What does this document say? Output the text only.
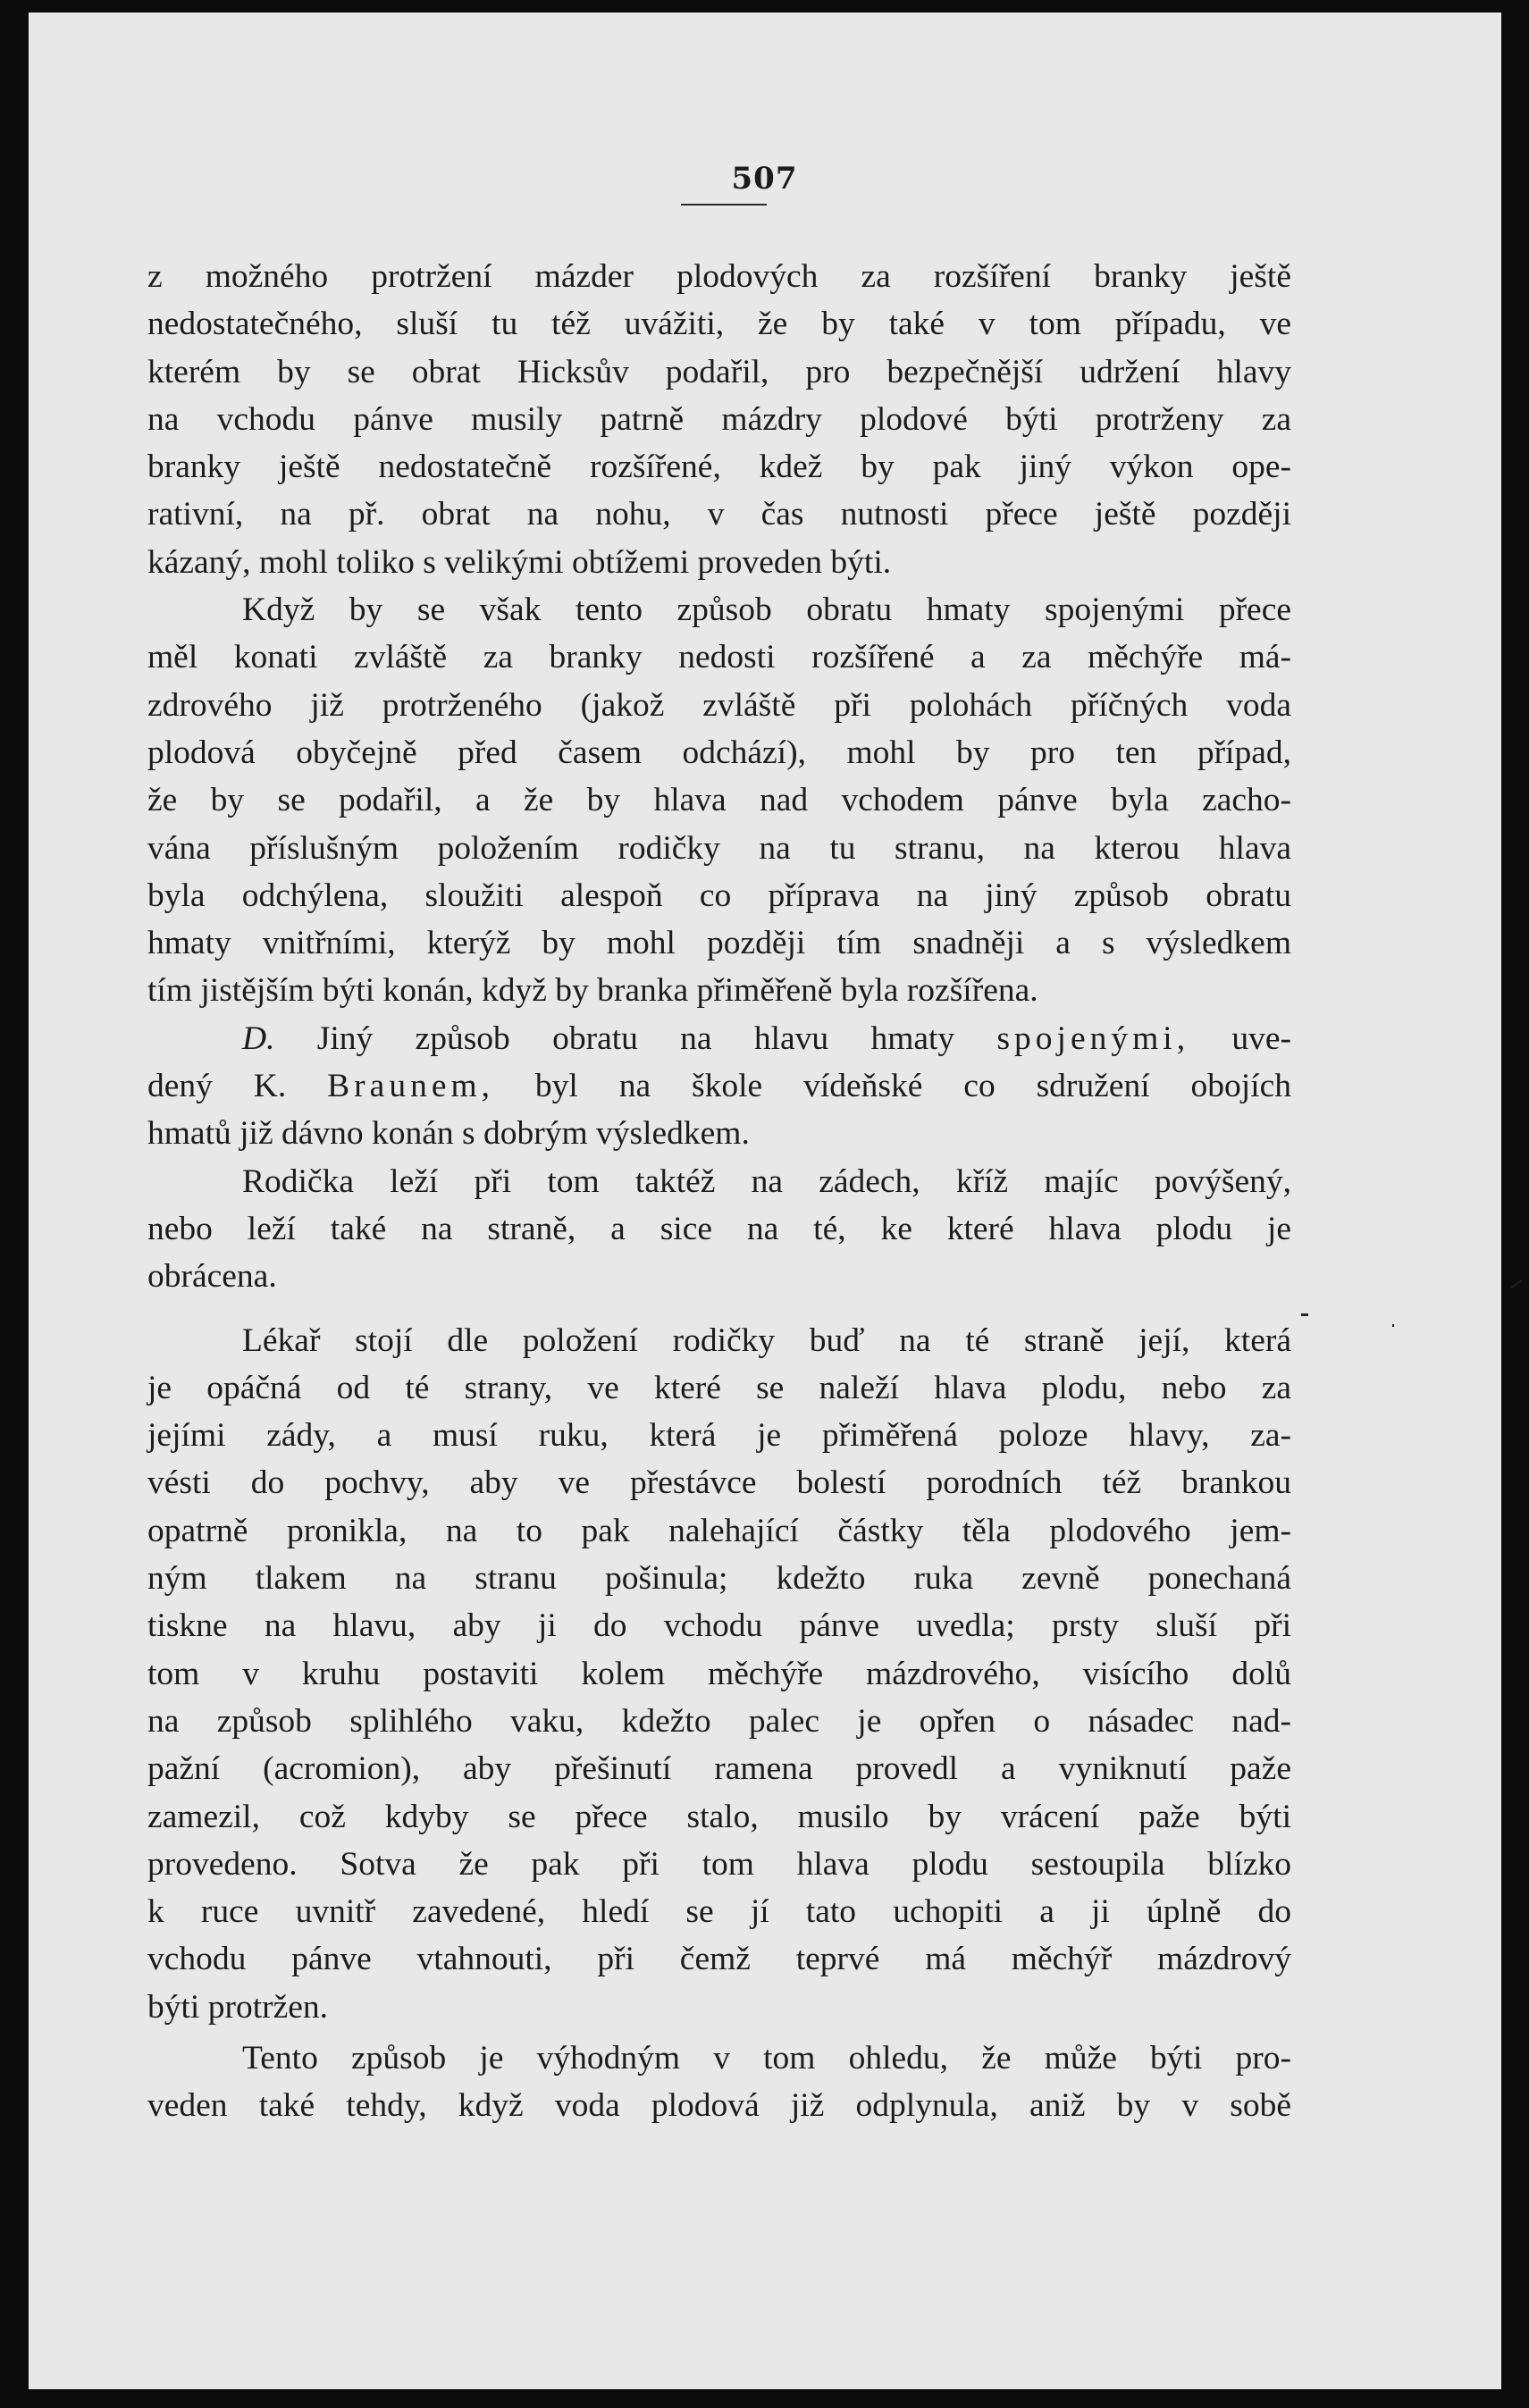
507
z možného protržení mázder plodových za rozšíření branky ještě
nedostatečného, sluší tu též uvážiti, že by také v tom případu, ve
kterém by se obrat Hicksův podařil, pro bezpečnější udržení hlavy
na vchodu pánve musily patrně mázdry plodové býti protrženy za
branky ještě nedostatečně rozšířené, kdež by pak jiný výkon ope-
rativní, na př. obrat na nohu, v čas nutnosti přece ještě později
kázaný, mohl toliko s velikými obtížemi proveden býti.
Když by se však tento způsob obratu hmaty spojenými přece
měl konati zvláště za branky nedosti rozšířené a za měchýře má-
zdrového již protrženého (jakož zvláště při polohách příčných voda
plodová obyčejně před časem odchází), mohl by pro ten případ,
že by se podařil, a že by hlava nad vchodem pánve byla zacho-
vána příslušným položením rodičky na tu stranu, na kterou hlava
byla odchýlena, sloužiti alespoň co příprava na jiný způsob obratu
hmaty vnitřními, kterýž by mohl později tím snadněji a s výsledkem
tím jistějším býti konán, když by branka přiměřeně byla rozšířena.
D. Jiný způsob obratu na hlavu hmaty spojenými, uve-
dený K. Braunem, byl na škole vídeňské co sdružení obojích
hmatů již dávno konán s dobrým výsledkem.
Rodička leží při tom taktéž na zádech, kříž majíc povýšený,
nebo leží také na straně, a sice na té, ke které hlava plodu je
obrácena.
Lékař stojí dle položení rodičky buď na té straně její, která
je opáčná od té strany, ve které se naleží hlava plodu, nebo za
jejími zády, a musí ruku, která je přiměřená poloze hlavy, za-
vésti do pochvy, aby ve přestávce bolestí porodních též brankou
opatrně pronikla, na to pak nalehající částky těla plodového jem-
ným tlakem na stranu pošinula; kdežto ruka zevně ponechaná
tiskne na hlavu, aby ji do vchodu pánve uvedla; prsty sluší při
tom v kruhu postaviti kolem měchýře mázdrového, visícího dolů
na způsob splihlého vaku, kdežto palec je opřen o násadec nad-
pažní (acromion), aby přešinutí ramena provedl a vyniknutí paže
zamezil, což kdyby se přece stalo, musilo by vrácení paže býti
provedeno. Sotva že pak při tom hlava plodu sestoupila blízko
k ruce uvnitř zavedené, hledí se jí tato uchopiti a ji úplně do
vchodu pánve vtahnouti, při čemž teprvé má měchýř mázdrový
býti protržen.
Tento způsob je výhodným v tom ohledu, že může býti pro-
veden také tehdy, když voda plodová již odplynula, aniž by v sobě
